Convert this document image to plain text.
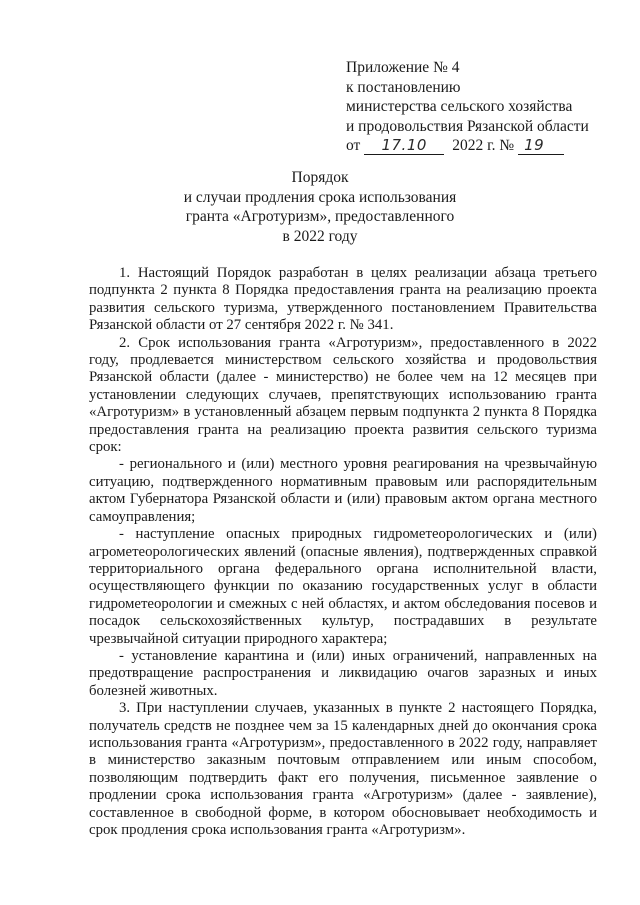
Приложение № 4
к постановлению
министерства сельского хозяйства
и продовольствия Рязанской области
от 17.10 2022 г. № 19
Порядок
и случаи продления срока использования
гранта «Агротуризм», предоставленного
в 2022 году

1. Настоящий Порядок разработан в целях реализации абзаца третьего подпункта 2 пункта 8 Порядка предоставления гранта на реализацию проекта развития сельского туризма, утвержденного постановлением Правительства Рязанской области от 27 сентября 2022 г. № 341.

2. Срок использования гранта «Агротуризм», предоставленного в 2022 году, продлевается министерством сельского хозяйства и продовольствия Рязанской области (далее - министерство) не более чем на 12 месяцев при установлении следующих случаев, препятствующих использованию гранта «Агротуризм» в установленный абзацем первым подпункта 2 пункта 8 Порядка предоставления гранта на реализацию проекта развития сельского туризма срок:

- регионального и (или) местного уровня реагирования на чрезвычайную ситуацию, подтвержденного нормативным правовым или распорядительным актом Губернатора Рязанской области и (или) правовым актом органа местного самоуправления;

- наступление опасных природных гидрометеорологических и (или) агрометеорологических явлений (опасные явления), подтвержденных справкой территориального органа федерального органа исполнительной власти, осуществляющего функции по оказанию государственных услуг в области гидрометеорологии и смежных с ней областях, и актом обследования посевов и посадок сельскохозяйственных культур, пострадавших в результате чрезвычайной ситуации природного характера;

- установление карантина и (или) иных ограничений, направленных на предотвращение распространения и ликвидацию очагов заразных и иных болезней животных.

3. При наступлении случаев, указанных в пункте 2 настоящего Порядка, получатель средств не позднее чем за 15 календарных дней до окончания срока использования гранта «Агротуризм», предоставленного в 2022 году, направляет в министерство заказным почтовым отправлением или иным способом, позволяющим подтвердить факт его получения, письменное заявление о продлении срока использования гранта «Агротуризм» (далее - заявление), составленное в свободной форме, в котором обосновывает необходимость и срок продления срока использования гранта «Агротуризм».
